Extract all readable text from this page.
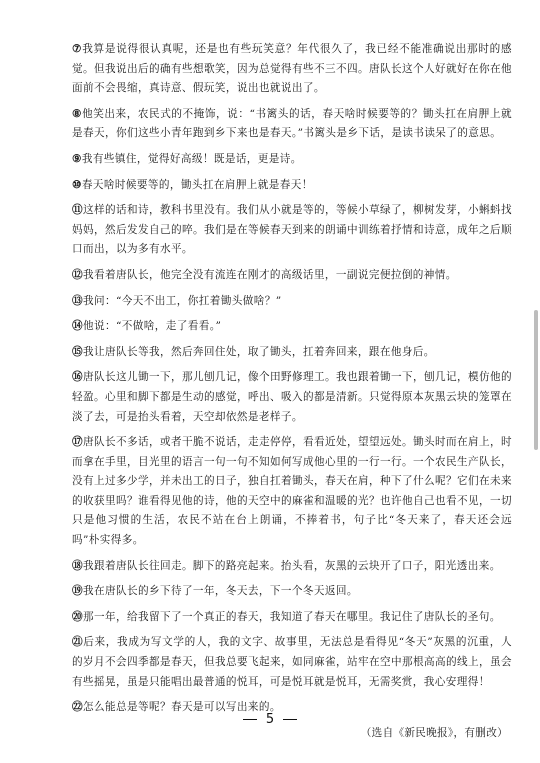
⑦我算是说得很认真呢，还是也有些玩笑意？年代很久了，我已经不能准确说出那时的感觉。但我说出后的确有些想歌笑，因为总觉得有些不三不四。唐队长这个人好就好在你在他面前不会畏缩，真诗意、假玩笑，说出也就说出了。

⑧他笑出来，农民式的不掩饰，说：“书篱头的话，春天啥时候要等的？锄头扛在肩胛上就是春天，你们这些小青年跑到乡下来也是春天。”书篱头是乡下话，是读书读呆了的意思。

⑨我有些镇住，觉得好高级！既是话，更是诗。

⑩春天啥时候要等的，锄头扛在肩胛上就是春天！

⑪这样的话和诗，教科书里没有。我们从小就是等的，等候小草绿了，柳树发芽，小蝌蚪找妈妈，然后发发自己的啐。我们是在等候春天到来的朗诵中训练着抒情和诗意，成年之后顺口而出，以为多有水平。

⑫我看着唐队长，他完全没有流连在刚才的高级话里，一副说完便拉倒的神情。

⑬我问：“今天不出工，你扛着锄头做啥？”

⑭他说：“不做啥，走了看看。”

⑮我让唐队长等我，然后奔回住处，取了锄头，扛着奔回来，跟在他身后。

⑯唐队长这儿锄一下，那儿刨几记，像个田野修理工。我也跟着锄一下，刨几记，模仿他的轻盈。心里和脚下都是生动的感觉，呼出、吸入的都是清新。只觉得原本灰黑云块的笼罩在淡了去，可是抬头看着，天空却依然是老样子。

⑰唐队长不多话，或者干脆不说话，走走停停，看看近处，望望远处。锄头时而在肩上，时而拿在手里，目光里的语言一句一句不知如何写成他心里的一行一行。一个农民生产队长，没有上过多少学，并未出工的日子，独自扛着锄头，春天在肩，种下了什么呢？它们在未来的收获里吗？谁看得见他的诗，他的天空中的麻雀和温暖的光？也许他自己也看不见，一切只是他习惯的生活，农民不站在台上朗诵，不捧着书，句子比“冬天来了，春天还会远吗”朴实得多。

⑱我跟着唐队长往回走。脚下的路亮起来。抬头看，灰黑的云块开了口子，阳光透出来。

⑲我在唐队长的乡下待了一年，冬天去，下一个冬天返回。

⑳那一年，给我留下了一个真正的春天，我知道了春天在哪里。我记住了唐队长的圣句。

㉑后来，我成为写文学的人，我的文字、故事里，无法总是看得见“冬天”灰黑的沉重，人的岁月不会四季都是春天，但我总要飞起来，如同麻雀，站牢在空中那根高高的线上，虽会有些摇晃，虽是只能唱出最普通的悦耳，可是悦耳就是悦耳，无需奖赏，我心安理得！

㉒怎么能总是等呢？春天是可以写出来的。

（选自《新民晚报》，有删改）
5
